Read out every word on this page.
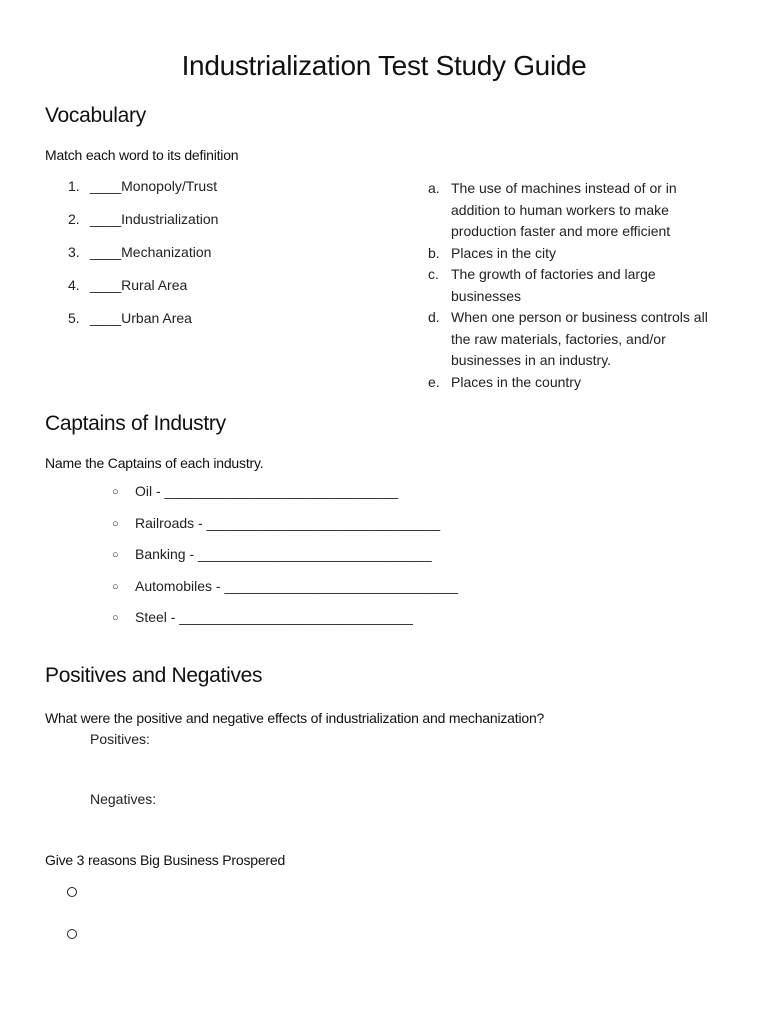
Industrialization Test Study Guide
Vocabulary
Match each word to its definition
1. ____Monopoly/Trust
2. ____Industrialization
3. ____Mechanization
4. ____Rural Area
5. ____Urban Area
a. The use of machines instead of or in addition to human workers to make production faster and more efficient
b. Places in the city
c. The growth of factories and large businesses
d. When one person or business controls all the raw materials, factories, and/or businesses in an industry.
e. Places in the country
Captains of Industry
Name the Captains of each industry.
○	Oil - ______________________________
○	Railroads - ______________________________
○	Banking - ______________________________
○	Automobiles - ______________________________
○	Steel - ______________________________
Positives and Negatives
What were the positive and negative effects of industrialization and mechanization?
Positives:
Negatives:
Give 3 reasons Big Business Prospered
